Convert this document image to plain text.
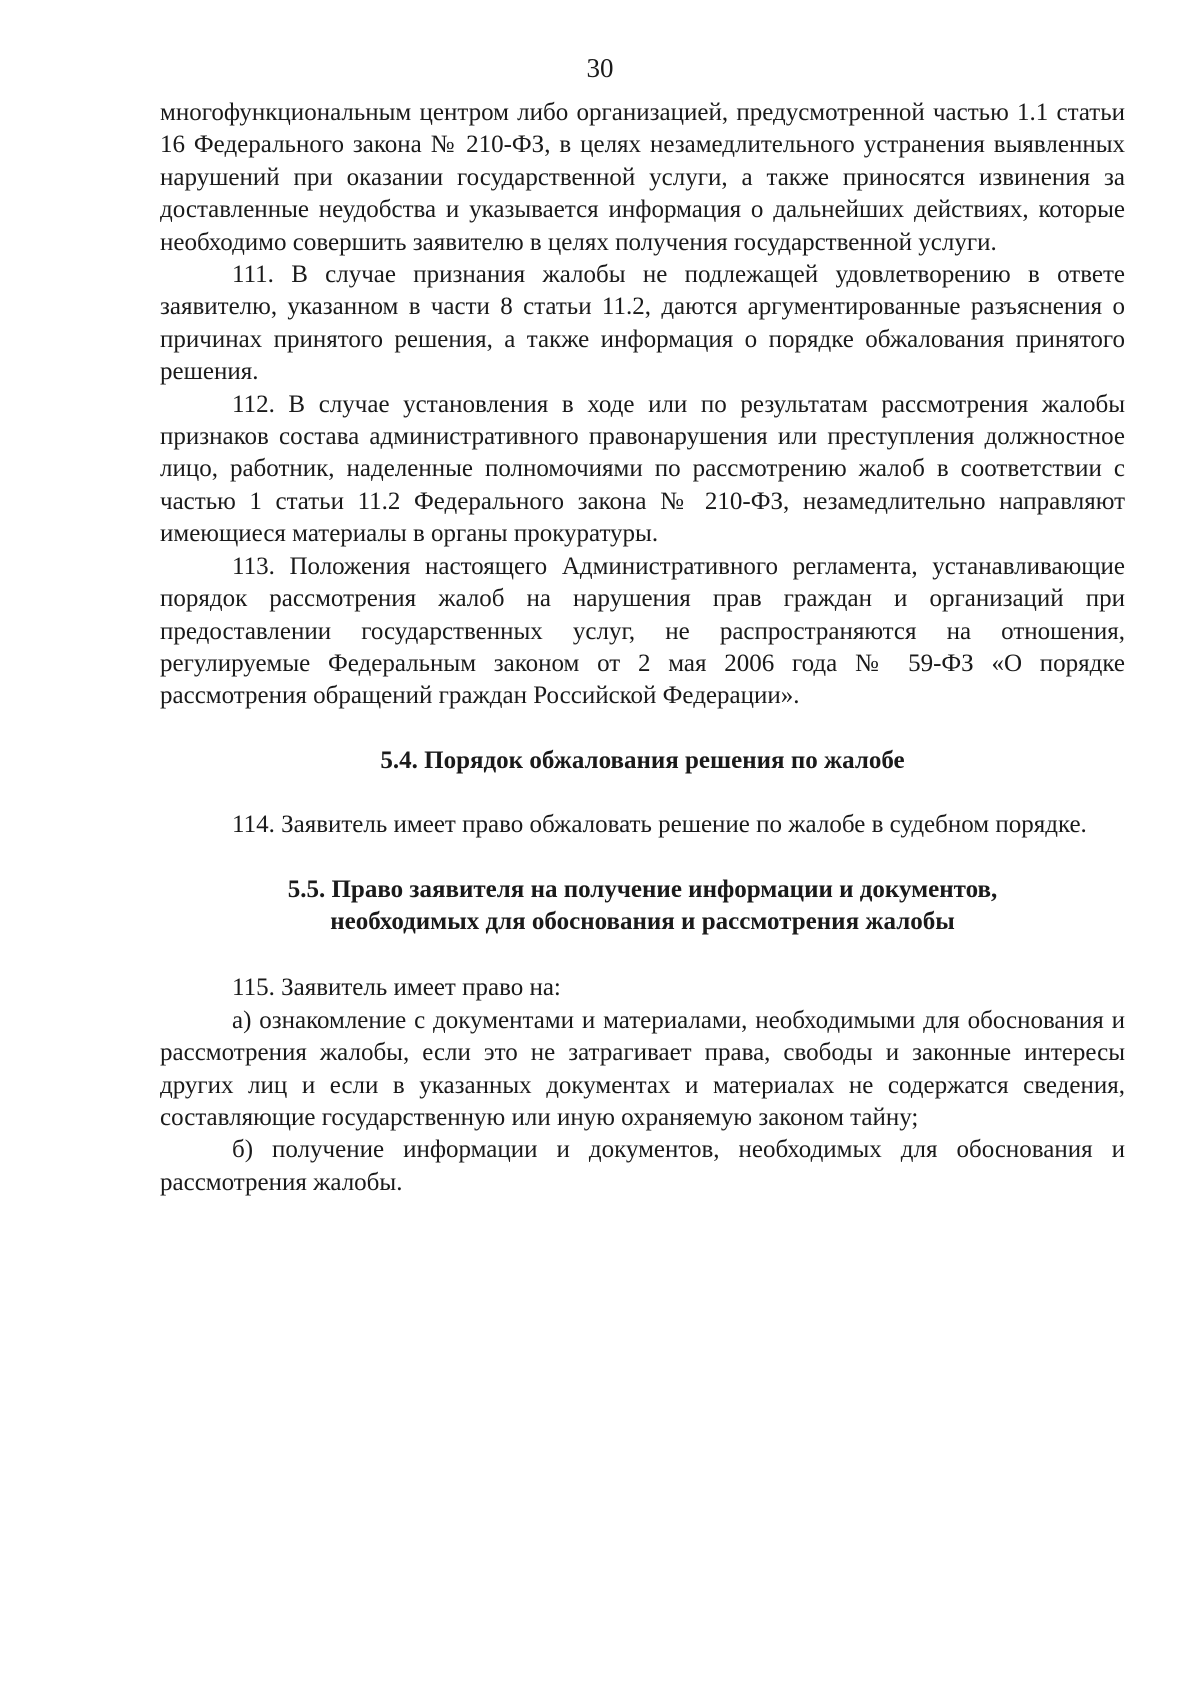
30

многофункциональным центром либо организацией, предусмотренной частью 1.1 статьи 16 Федерального закона № 210-ФЗ, в целях незамедлительного устранения выявленных нарушений при оказании государственной услуги, а также приносятся извинения за доставленные неудобства и указывается информация о дальнейших действиях, которые необходимо совершить заявителю в целях получения государственной услуги.

111. В случае признания жалобы не подлежащей удовлетворению в ответе заявителю, указанном в части 8 статьи 11.2, даются аргументированные разъяснения о причинах принятого решения, а также информация о порядке обжалования принятого решения.

112. В случае установления в ходе или по результатам рассмотрения жалобы признаков состава административного правонарушения или преступления должностное лицо, работник, наделенные полномочиями по рассмотрению жалоб в соответствии с частью 1 статьи 11.2 Федерального закона № 210-ФЗ, незамедлительно направляют имеющиеся материалы в органы прокуратуры.

113. Положения настоящего Административного регламента, устанавливающие порядок рассмотрения жалоб на нарушения прав граждан и организаций при предоставлении государственных услуг, не распространяются на отношения, регулируемые Федеральным законом от 2 мая 2006 года № 59-ФЗ «О порядке рассмотрения обращений граждан Российской Федерации».

5.4. Порядок обжалования решения по жалобе

114. Заявитель имеет право обжаловать решение по жалобе в судебном порядке.

5.5. Право заявителя на получение информации и документов,
необходимых для обоснования и рассмотрения жалобы

115. Заявитель имеет право на:

а) ознакомление с документами и материалами, необходимыми для обоснования и рассмотрения жалобы, если это не затрагивает права, свободы и законные интересы других лиц и если в указанных документах и материалах не содержатся сведения, составляющие государственную или иную охраняемую законом тайну;

б) получение информации и документов, необходимых для обоснования и рассмотрения жалобы.
